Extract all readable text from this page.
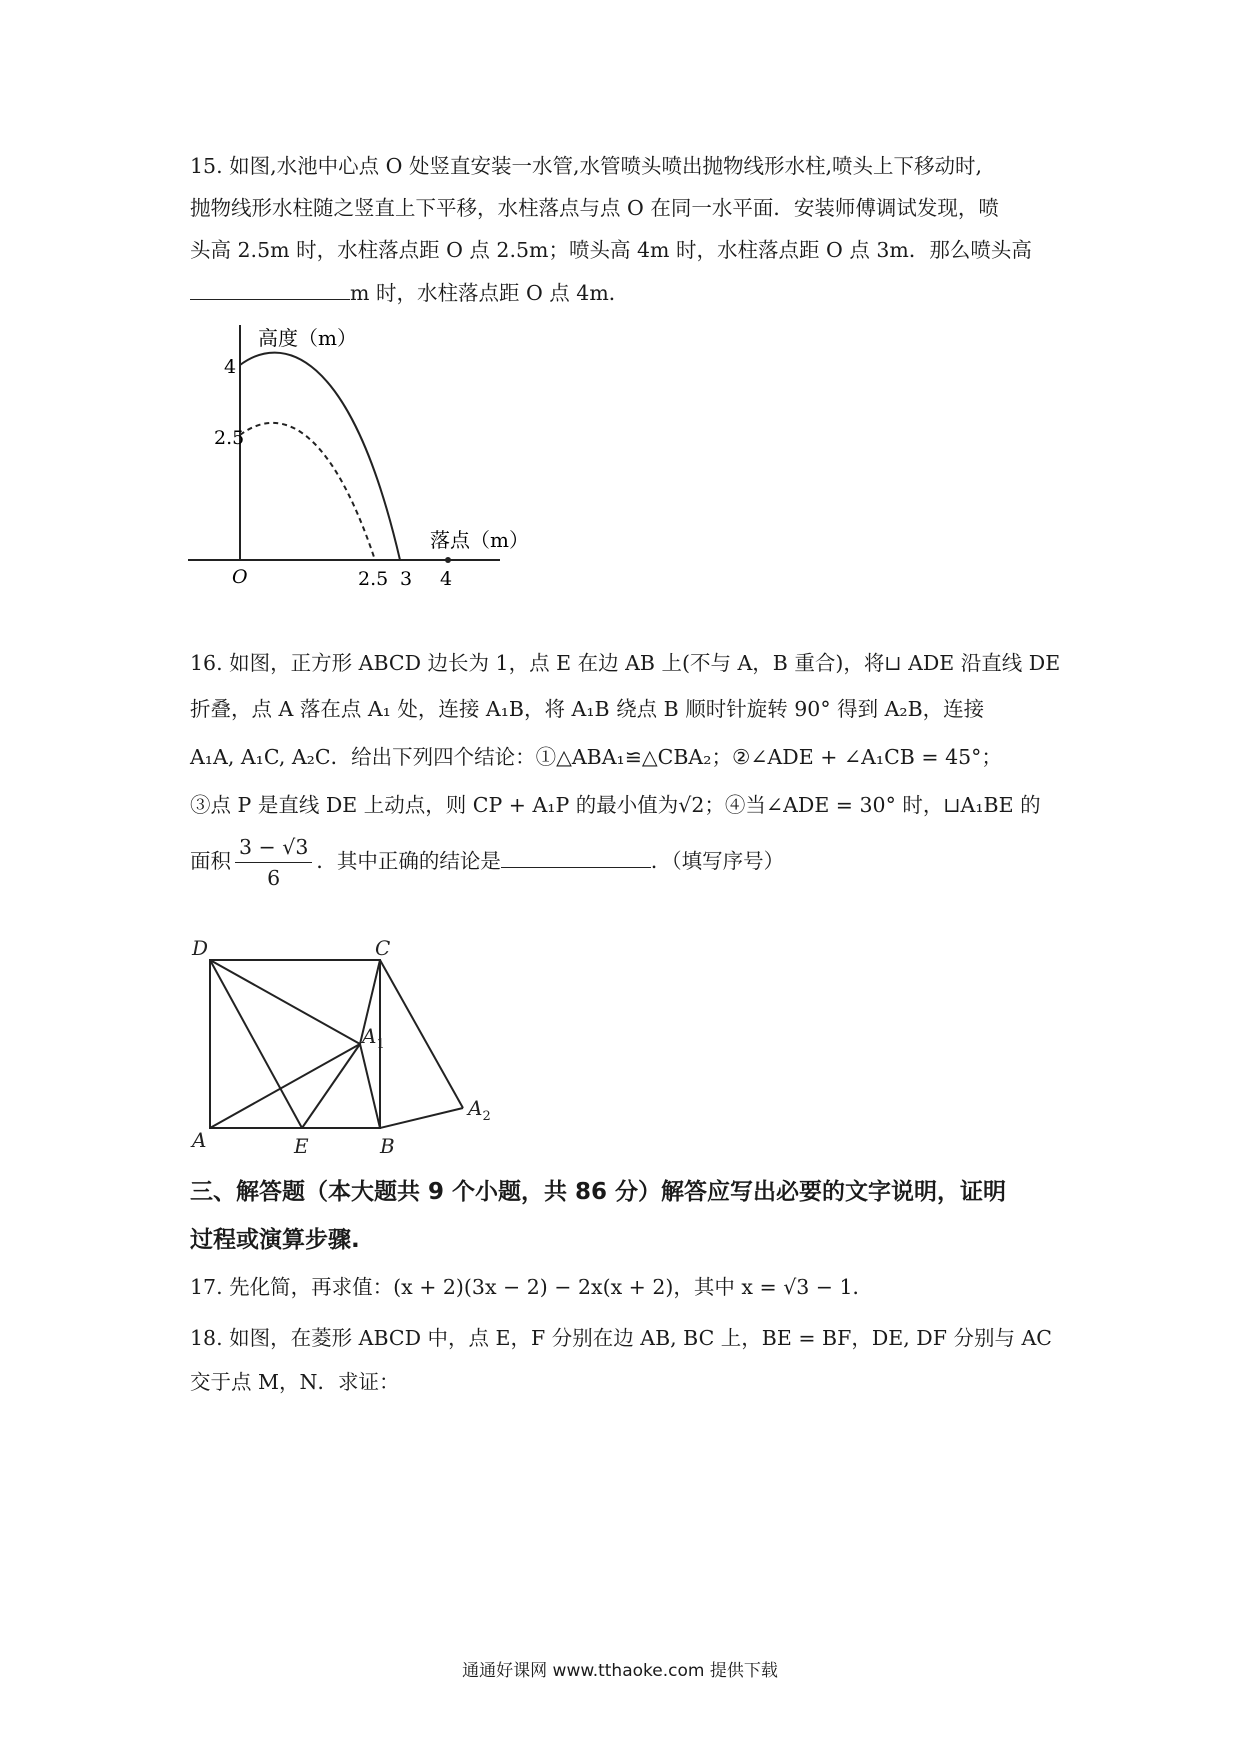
15. 如图,水池中心点 O 处竖直安装一水管,水管喷头喷出抛物线形水柱,喷头上下移动时,
抛物线形水柱随之竖直上下平移，水柱落点与点 O 在同一水平面．安装师傅调试发现，喷
头高 2.5m 时，水柱落点距 O 点 2.5m；喷头高 4m 时，水柱落点距 O 点 3m．那么喷头高
m 时，水柱落点距 O 点 4m．
高度（m）
落点（m）
4
2.5
O	2.5 3 4
16. 如图，正方形 ABCD 边长为 1，点 E 在边 AB 上(不与 A，B 重合)，将⊔ ADE 沿直线 DE
折叠，点 A 落在点 A₁ 处，连接 A₁B，将 A₁B 绕点 B 顺时针旋转 90° 得到 A₂B，连接
A₁A, A₁C, A₂C．给出下列四个结论：①△ABA₁≌△CBA₂；②∠ADE + ∠A₁CB = 45°；
③点 P 是直线 DE 上动点，则 CP + A₁P 的最小值为√2；④当∠ADE = 30° 时，⊔A₁BE 的
面积 $\frac{3 - √3}{6}$ ．其中正确的结论是	．（填写序号）
D	C
A	E	B
$A_1$
$A_2$
三、解答题（本大题共 9 个小题，共 86 分）解答应写出必要的文字说明，证明
过程或演算步骤.
17. 先化简，再求值：(x + 2)(3x − 2) − 2x(x + 2)，其中 x = √3 − 1．
18. 如图，在菱形 ABCD 中，点 E，F 分别在边 AB, BC 上，BE = BF，DE, DF 分别与 AC
交于点 M，N．求证：
通通好课网 www.tthaoke.com 提供下载
